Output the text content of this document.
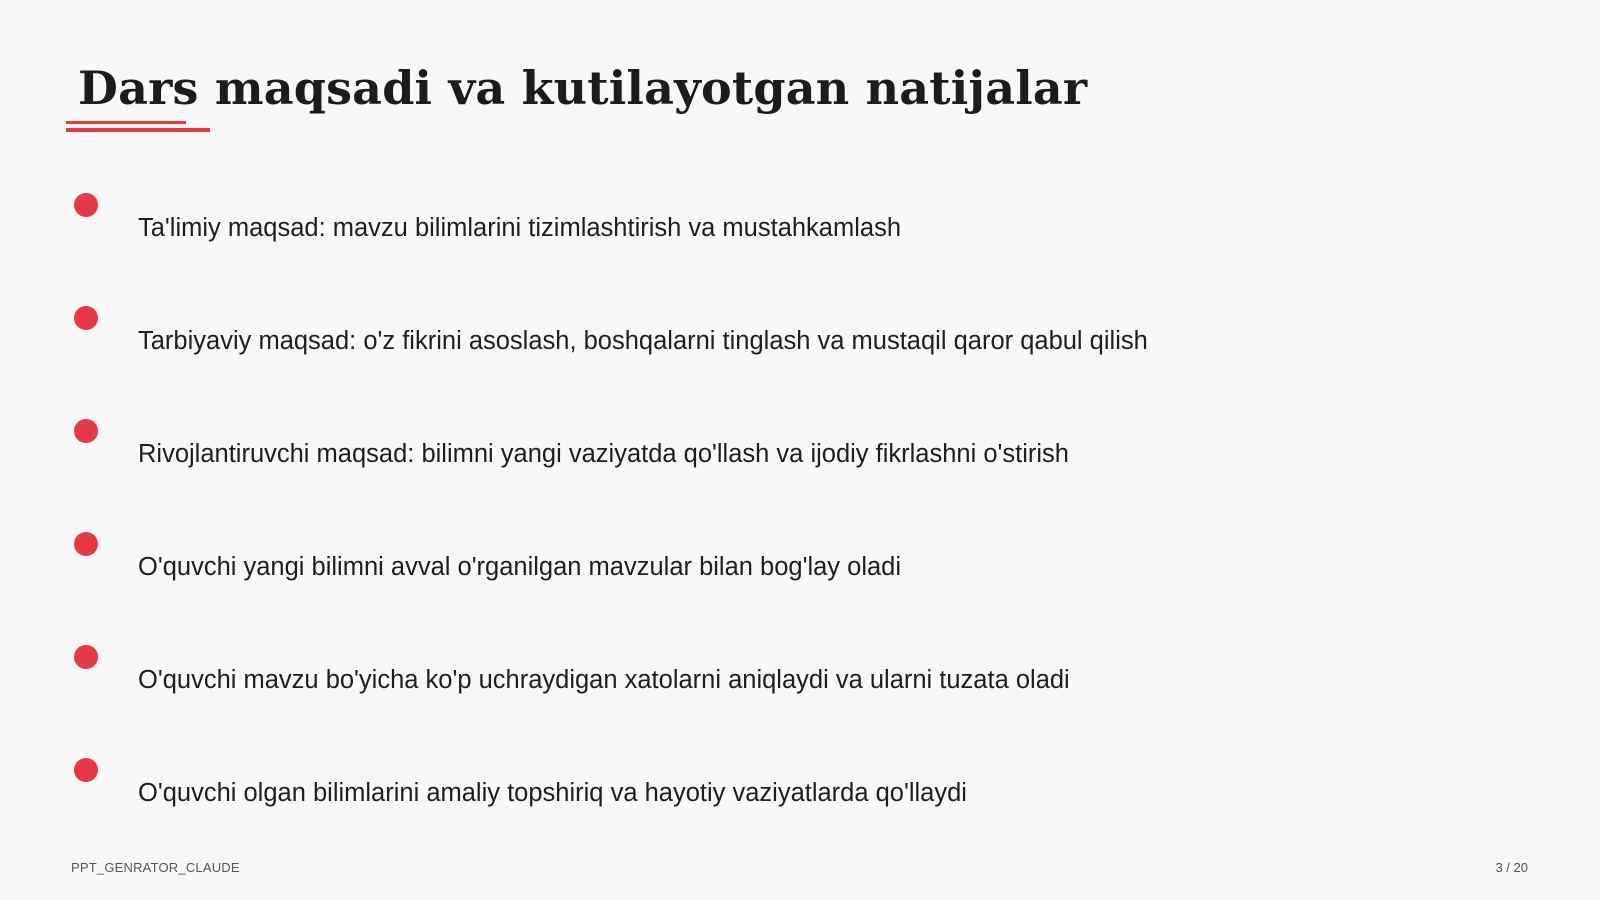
Dars maqsadi va kutilayotgan natijalar
Ta'limiy maqsad: mavzu bilimlarini tizimlashtirish va mustahkamlash
Tarbiyaviy maqsad: o'z fikrini asoslash, boshqalarni tinglash va mustaqil qaror qabul qilish
Rivojlantiruvchi maqsad: bilimni yangi vaziyatda qo'llash va ijodiy fikrlashni o'stirish
O'quvchi yangi bilimni avval o'rganilgan mavzular bilan bog'lay oladi
O'quvchi mavzu bo'yicha ko'p uchraydigan xatolarni aniqlaydi va ularni tuzata oladi
O'quvchi olgan bilimlarini amaliy topshiriq va hayotiy vaziyatlarda qo'llaydi
PPT_GENRATOR_CLAUDE	3 / 20
